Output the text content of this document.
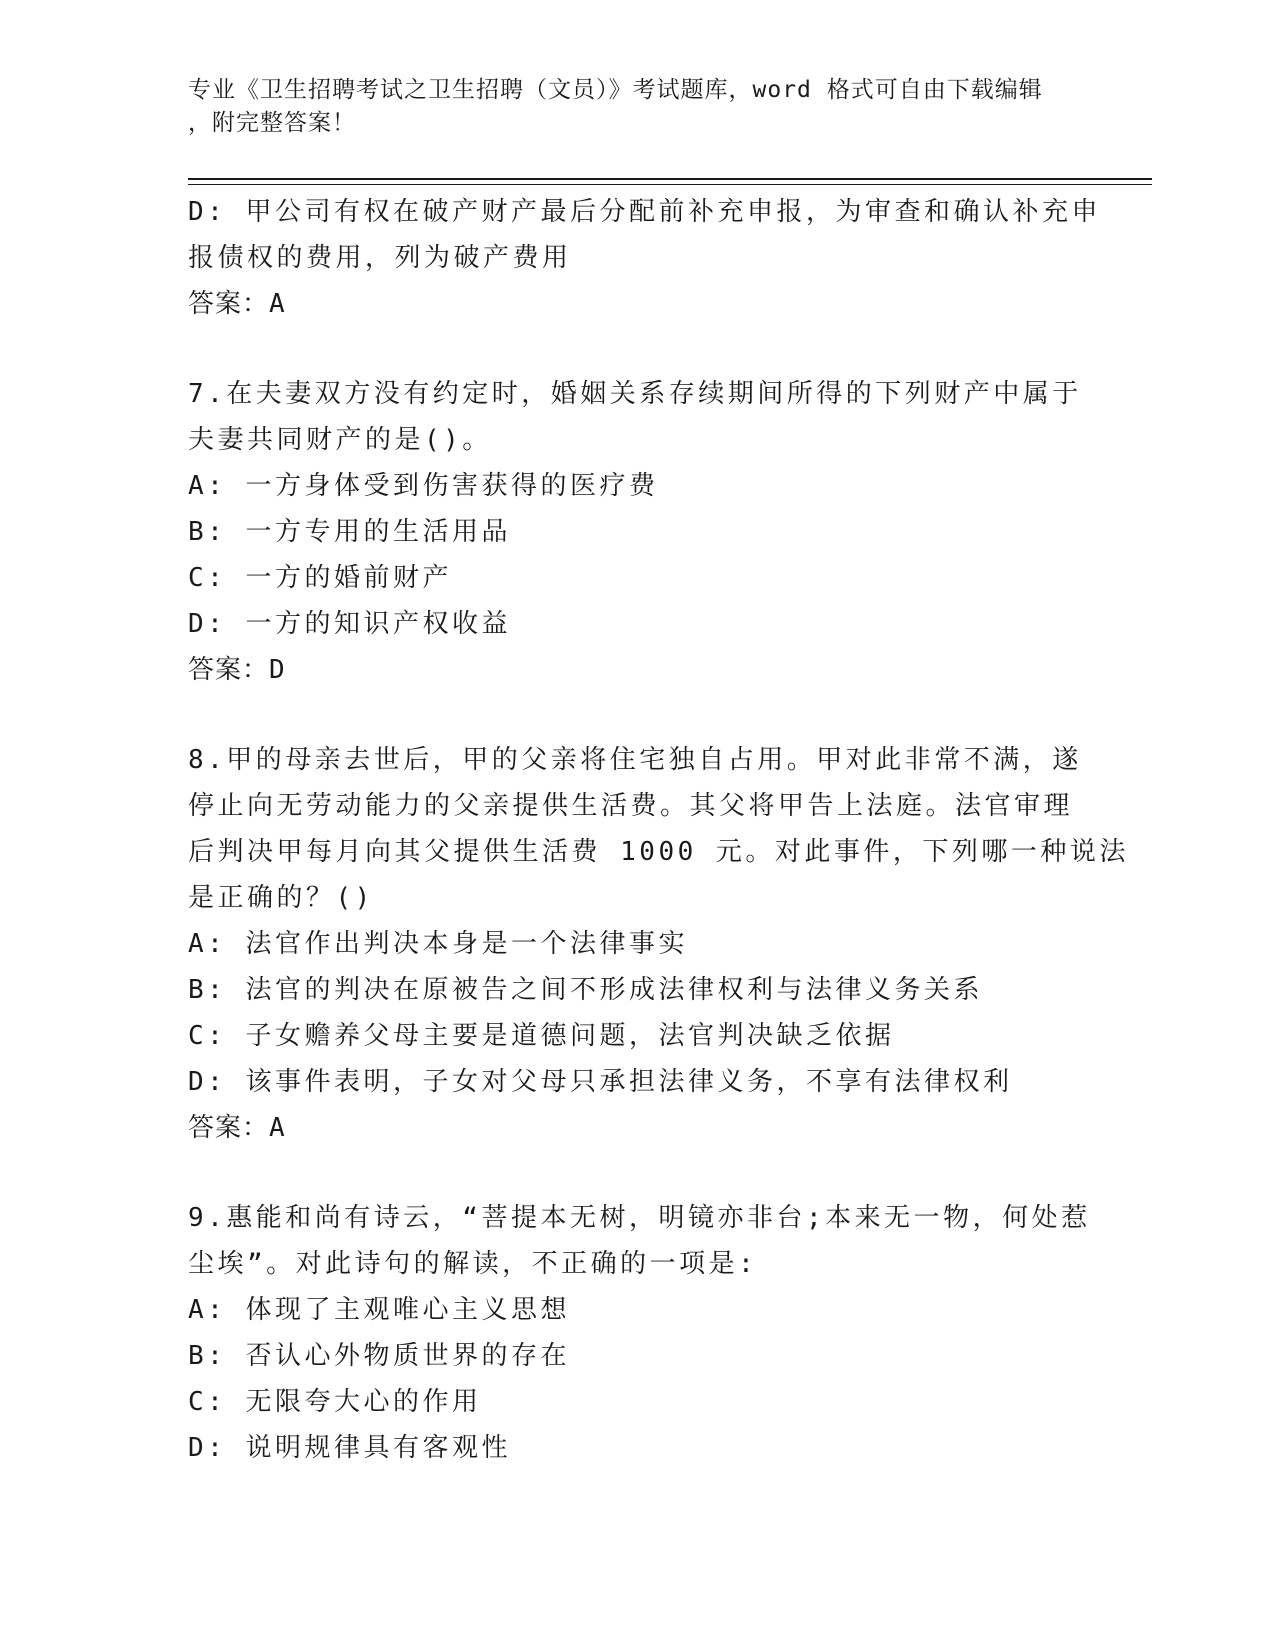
专业《卫生招聘考试之卫生招聘（文员）》考试题库，word 格式可自由下载编辑
，附完整答案！
D: 甲公司有权在破产财产最后分配前补充申报，为审查和确认补充申
报债权的费用，列为破产费用
答案：A
7.在夫妻双方没有约定时，婚姻关系存续期间所得的下列财产中属于
夫妻共同财产的是()。
A: 一方身体受到伤害获得的医疗费
B: 一方专用的生活用品
C: 一方的婚前财产
D: 一方的知识产权收益
答案：D
8.甲的母亲去世后，甲的父亲将住宅独自占用。甲对此非常不满，遂
停止向无劳动能力的父亲提供生活费。其父将甲告上法庭。法官审理
后判决甲每月向其父提供生活费 1000 元。对此事件，下列哪一种说法
是正确的？()
A: 法官作出判决本身是一个法律事实
B: 法官的判决在原被告之间不形成法律权利与法律义务关系
C: 子女赡养父母主要是道德问题，法官判决缺乏依据
D: 该事件表明，子女对父母只承担法律义务，不享有法律权利
答案：A
9.惠能和尚有诗云，“菩提本无树，明镜亦非台;本来无一物，何处惹
尘埃”。对此诗句的解读，不正确的一项是:
A: 体现了主观唯心主义思想
B: 否认心外物质世界的存在
C: 无限夸大心的作用
D: 说明规律具有客观性
